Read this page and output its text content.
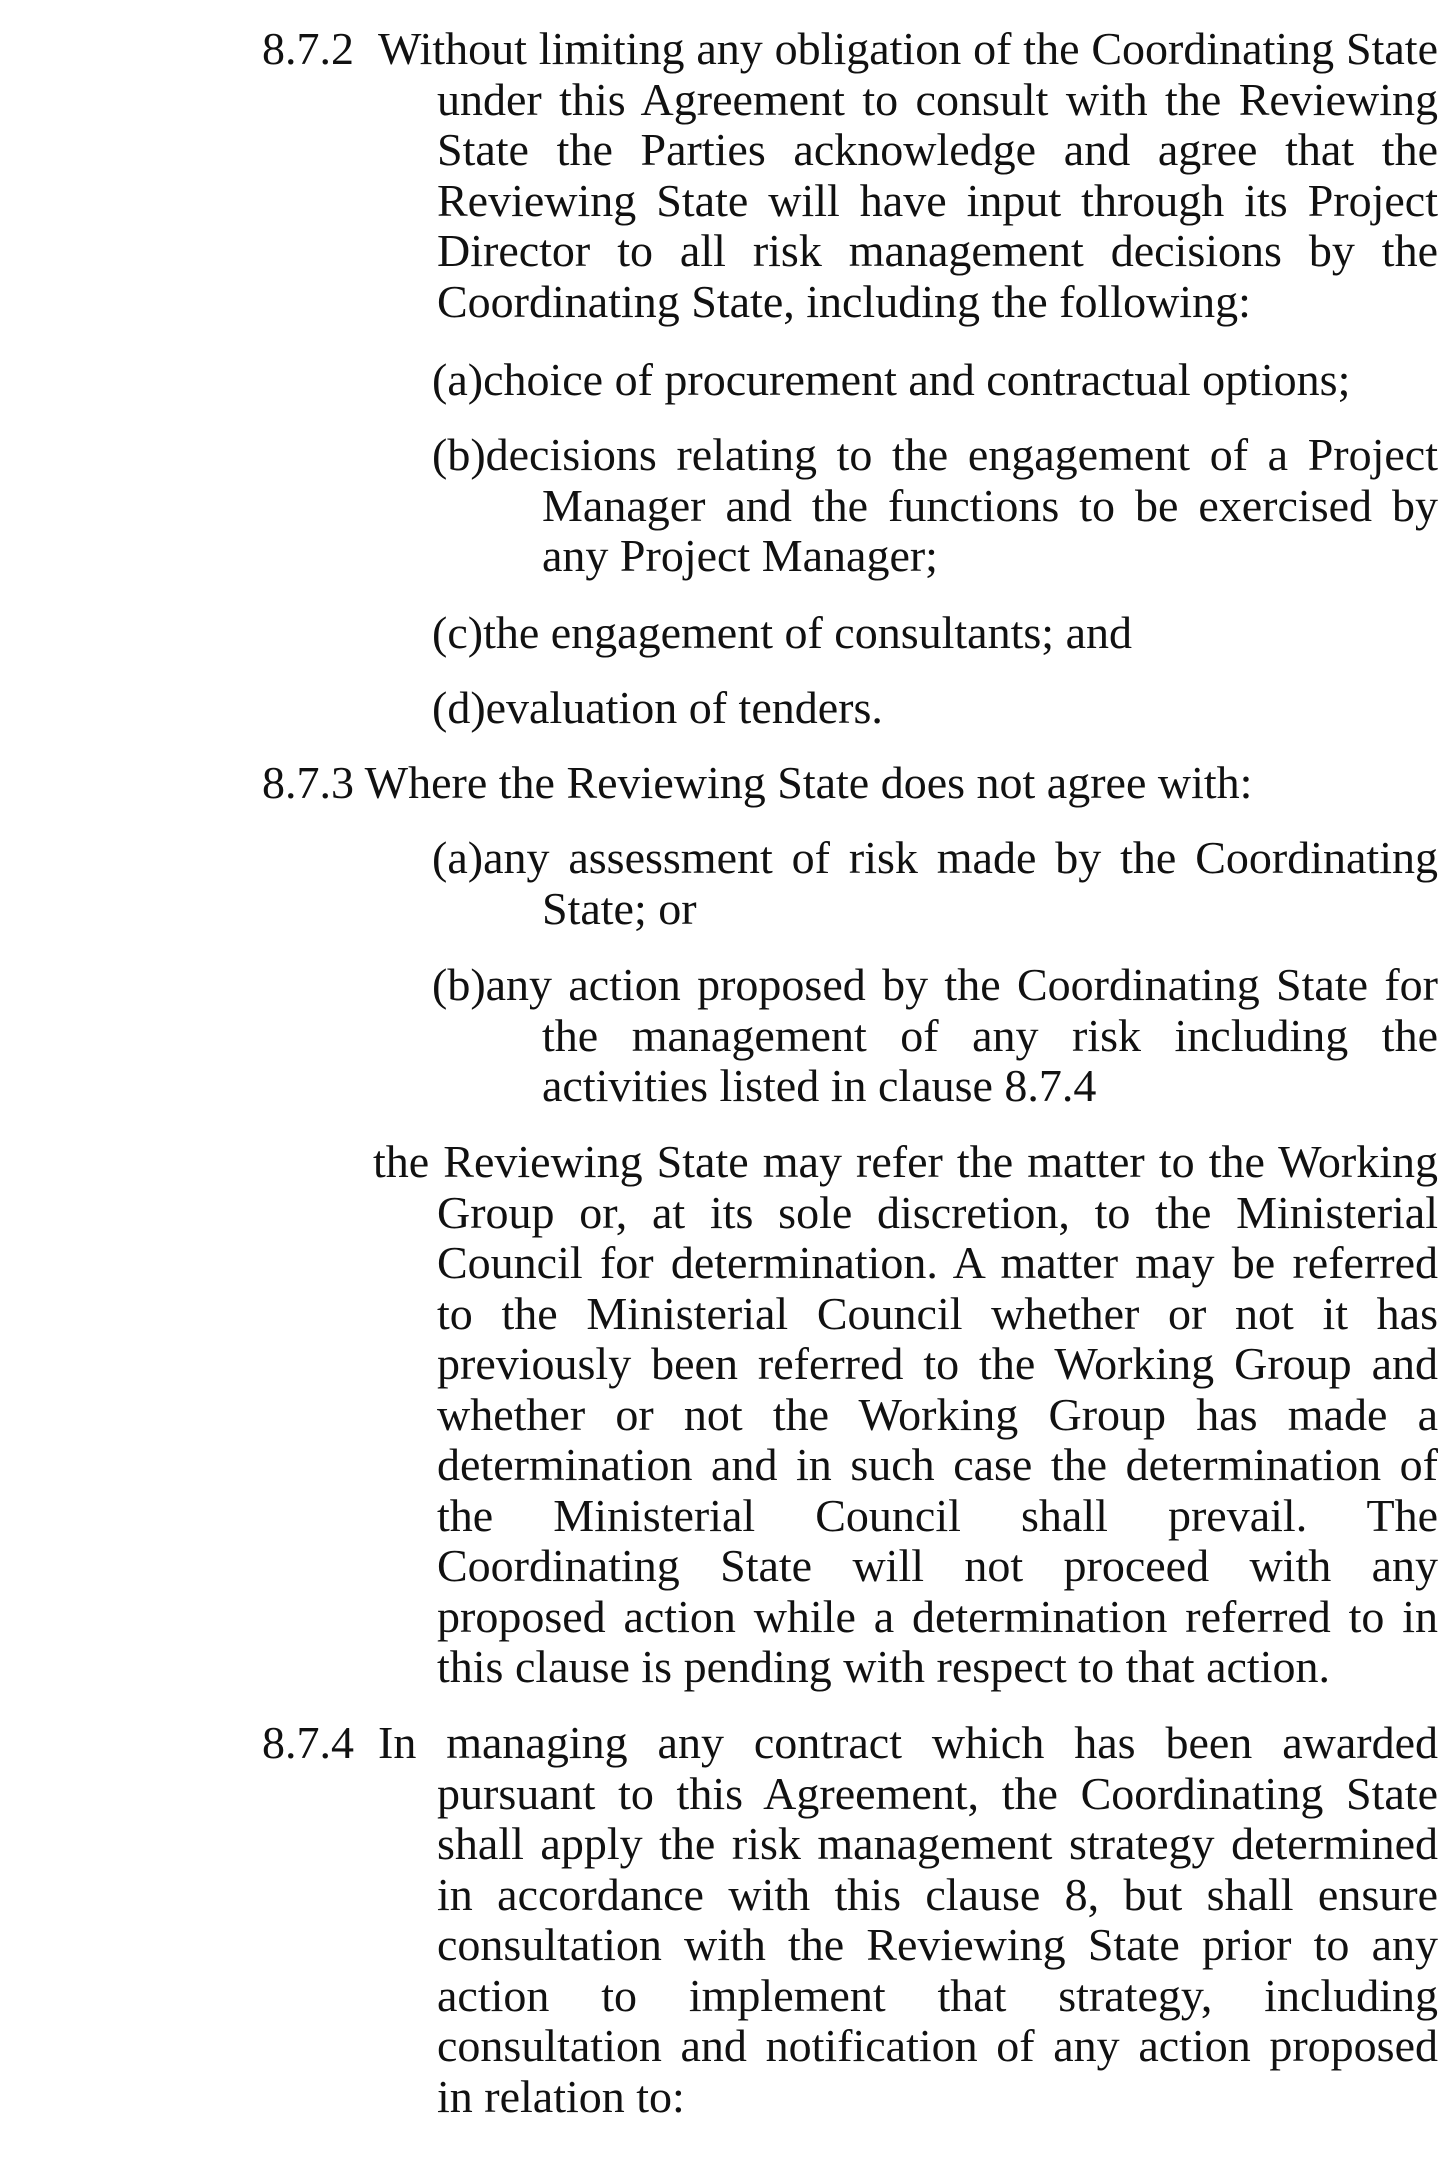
8.7.2 Without limiting any obligation of the Coordinating State under this Agreement to consult with the Reviewing State the Parties acknowledge and agree that the Reviewing State will have input through its Project Director to all risk management decisions by the Coordinating State, including the following:
(a)choice of procurement and contractual options;
(b)decisions relating to the engagement of a Project Manager and the functions to be exercised by any Project Manager;
(c)the engagement of consultants; and
(d)evaluation of tenders.
8.7.3 Where the Reviewing State does not agree with:
(a)any assessment of risk made by the Coordinating State; or
(b)any action proposed by the Coordinating State for the management of any risk including the activities listed in clause 8.7.4
the Reviewing State may refer the matter to the Working Group or, at its sole discretion, to the Ministerial Council for determination. A matter may be referred to the Ministerial Council whether or not it has previously been referred to the Working Group and whether or not the Working Group has made a determination and in such case the determination of the Ministerial Council shall prevail. The Coordinating State will not proceed with any proposed action while a determination referred to in this clause is pending with respect to that action.
8.7.4 In managing any contract which has been awarded pursuant to this Agreement, the Coordinating State shall apply the risk management strategy determined in accordance with this clause 8, but shall ensure consultation with the Reviewing State prior to any action to implement that strategy, including consultation and notification of any action proposed in relation to:
